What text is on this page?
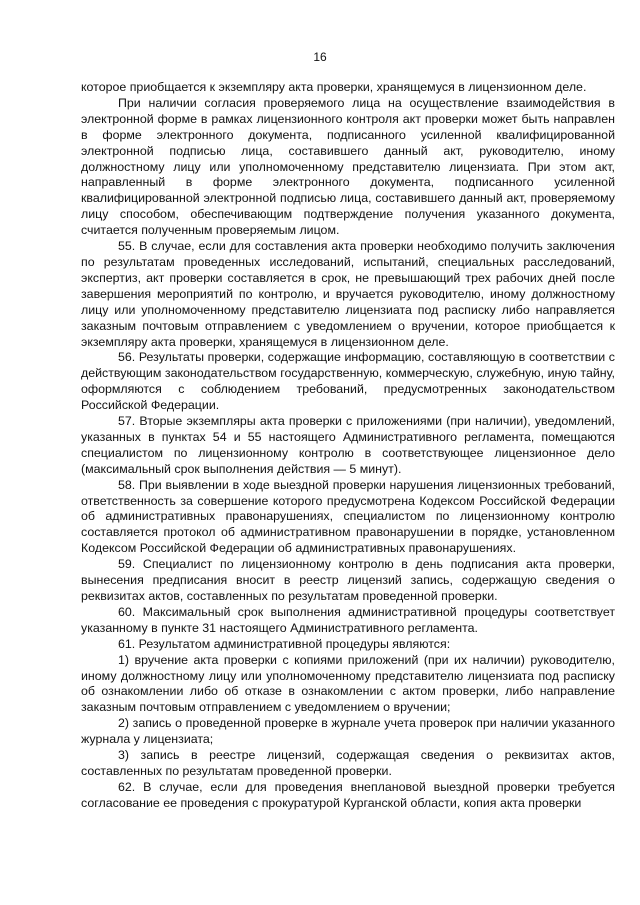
16

которое приобщается к экземпляру акта проверки, хранящемуся в лицензионном деле.

При наличии согласия проверяемого лица на осуществление взаимодействия в электронной форме в рамках лицензионного контроля акт проверки может быть направлен в форме электронного документа, подписанного усиленной квалифицированной электронной подписью лица, составившего данный акт, руководителю, иному должностному лицу или уполномоченному представителю лицензиата. При этом акт, направленный в форме электронного документа, подписанного усиленной квалифицированной электронной подписью лица, составившего данный акт, проверяемому лицу способом, обеспечивающим подтверждение получения указанного документа, считается полученным проверяемым лицом.

55. В случае, если для составления акта проверки необходимо получить заключения по результатам проведенных исследований, испытаний, специальных расследований, экспертиз, акт проверки составляется в срок, не превышающий трех рабочих дней после завершения мероприятий по контролю, и вручается руководителю, иному должностному лицу или уполномоченному представителю лицензиата под расписку либо направляется заказным почтовым отправлением с уведомлением о вручении, которое приобщается к экземпляру акта проверки, хранящемуся в лицензионном деле.

56. Результаты проверки, содержащие информацию, составляющую в соответствии с действующим законодательством государственную, коммерческую, служебную, иную тайну, оформляются с соблюдением требований, предусмотренных законодательством Российской Федерации.

57. Вторые экземпляры акта проверки с приложениями (при наличии), уведомлений, указанных в пунктах 54 и 55 настоящего Административного регламента, помещаются специалистом по лицензионному контролю в соответствующее лицензионное дело (максимальный срок выполнения действия — 5 минут).

58. При выявлении в ходе выездной проверки нарушения лицензионных требований, ответственность за совершение которого предусмотрена Кодексом Российской Федерации об административных правонарушениях, специалистом по лицензионному контролю составляется протокол об административном правонарушении в порядке, установленном Кодексом Российской Федерации об административных правонарушениях.

59. Специалист по лицензионному контролю в день подписания акта проверки, вынесения предписания вносит в реестр лицензий запись, содержащую сведения о реквизитах актов, составленных по результатам проведенной проверки.

60. Максимальный срок выполнения административной процедуры соответствует указанному в пункте 31 настоящего Административного регламента.

61. Результатом административной процедуры являются:

1) вручение акта проверки с копиями приложений (при их наличии) руководителю, иному должностному лицу или уполномоченному представителю лицензиата под расписку об ознакомлении либо об отказе в ознакомлении с актом проверки, либо направление заказным почтовым отправлением с уведомлением о вручении;

2) запись о проведенной проверке в журнале учета проверок при наличии указанного журнала у лицензиата;

3) запись в реестре лицензий, содержащая сведения о реквизитах актов, составленных по результатам проведенной проверки.

62. В случае, если для проведения внеплановой выездной проверки требуется согласование ее проведения с прокуратурой Курганской области, копия акта проверки
